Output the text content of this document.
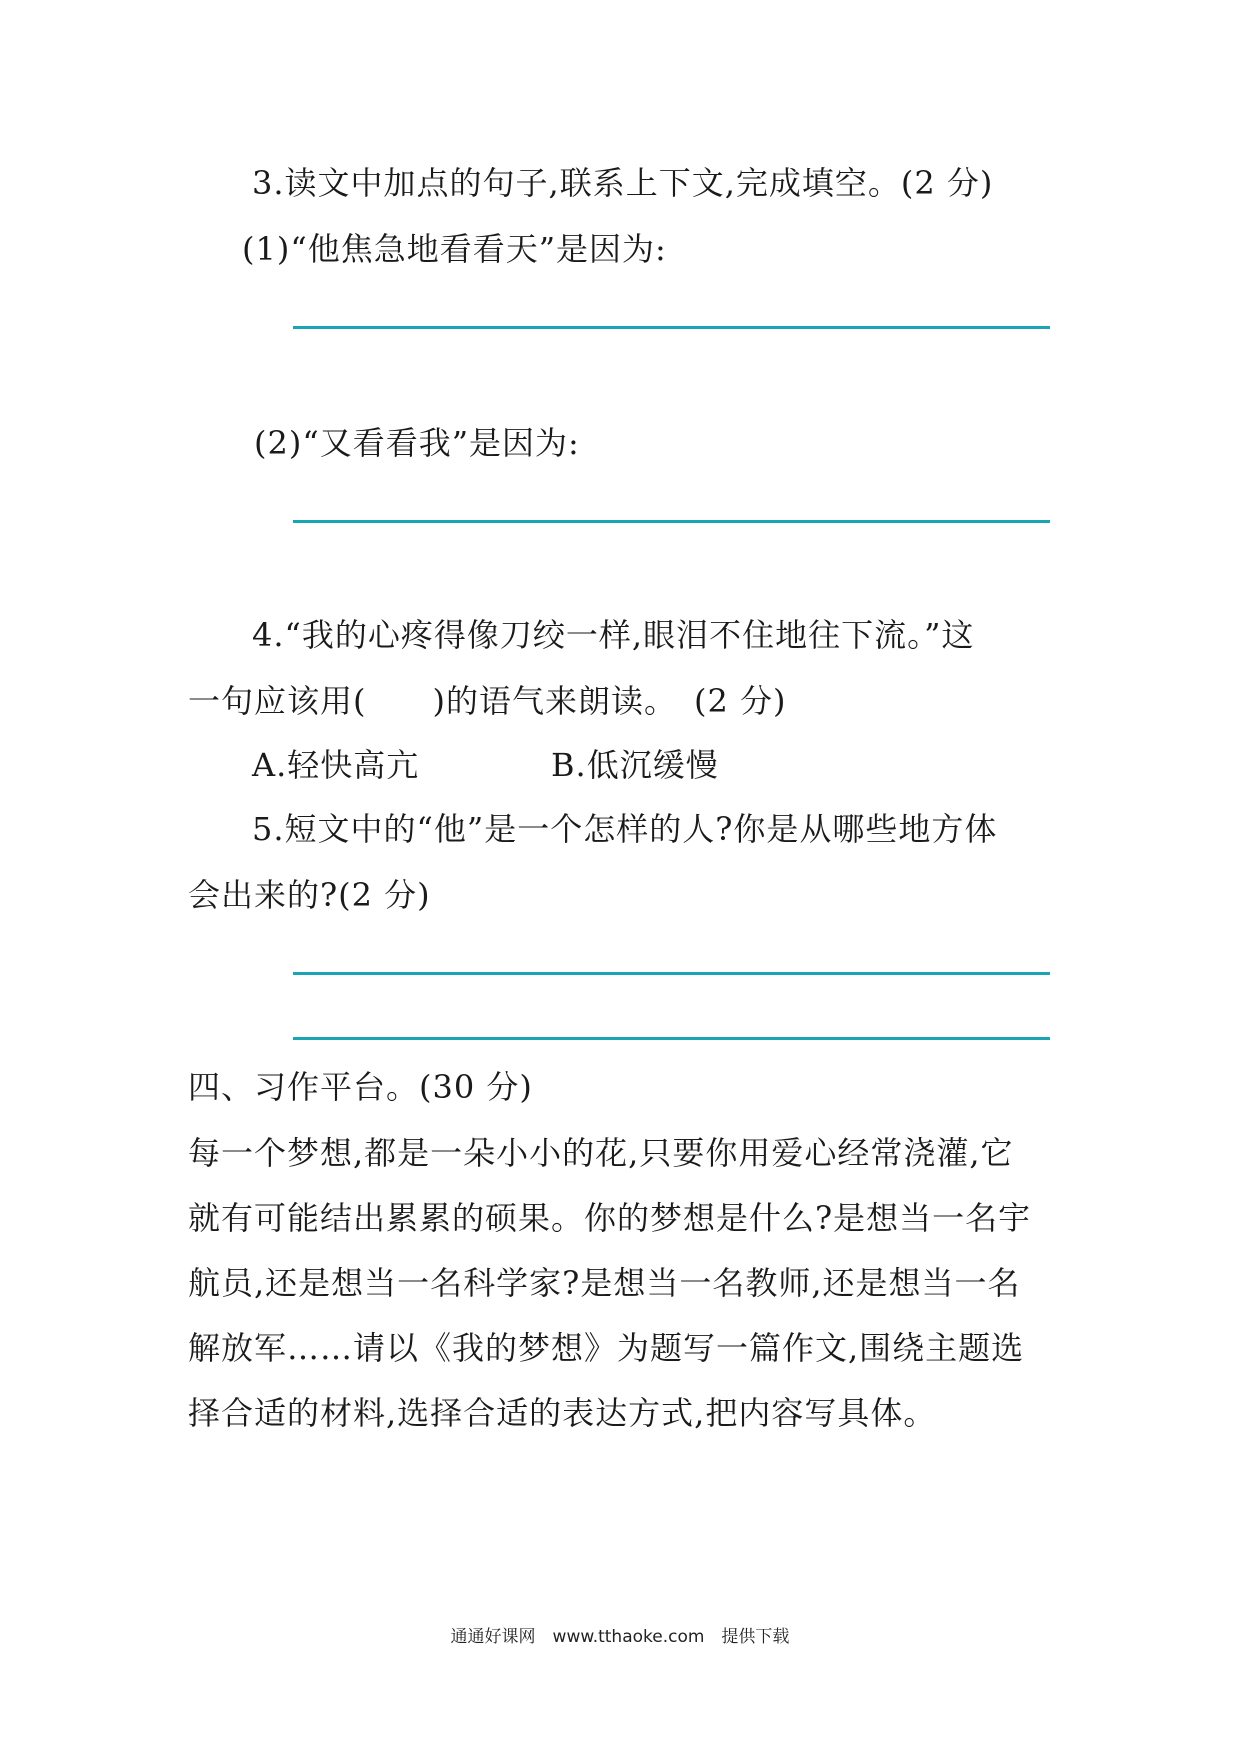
3.读文中加点的句子,联系上下文,完成填空。(2 分)
(1)“他焦急地看看天”是因为:
(2)“又看看我”是因为:
4.“我的心疼得像刀绞一样,眼泪不住地往下流。”这
一句应该用(　　)的语气来朗读。　(2 分)
A.轻快高亢	B.低沉缓慢
5.短文中的“他”是一个怎样的人?你是从哪些地方体
会出来的?(2 分)
四、习作平台。(30 分)
每一个梦想,都是一朵小小的花,只要你用爱心经常浇灌,它
就有可能结出累累的硕果。你的梦想是什么?是想当一名宇
航员,还是想当一名科学家?是想当一名教师,还是想当一名
解放军……请以《我的梦想》为题写一篇作文,围绕主题选
择合适的材料,选择合适的表达方式,把内容写具体。
通通好课网　www.tthaoke.com　提供下载
